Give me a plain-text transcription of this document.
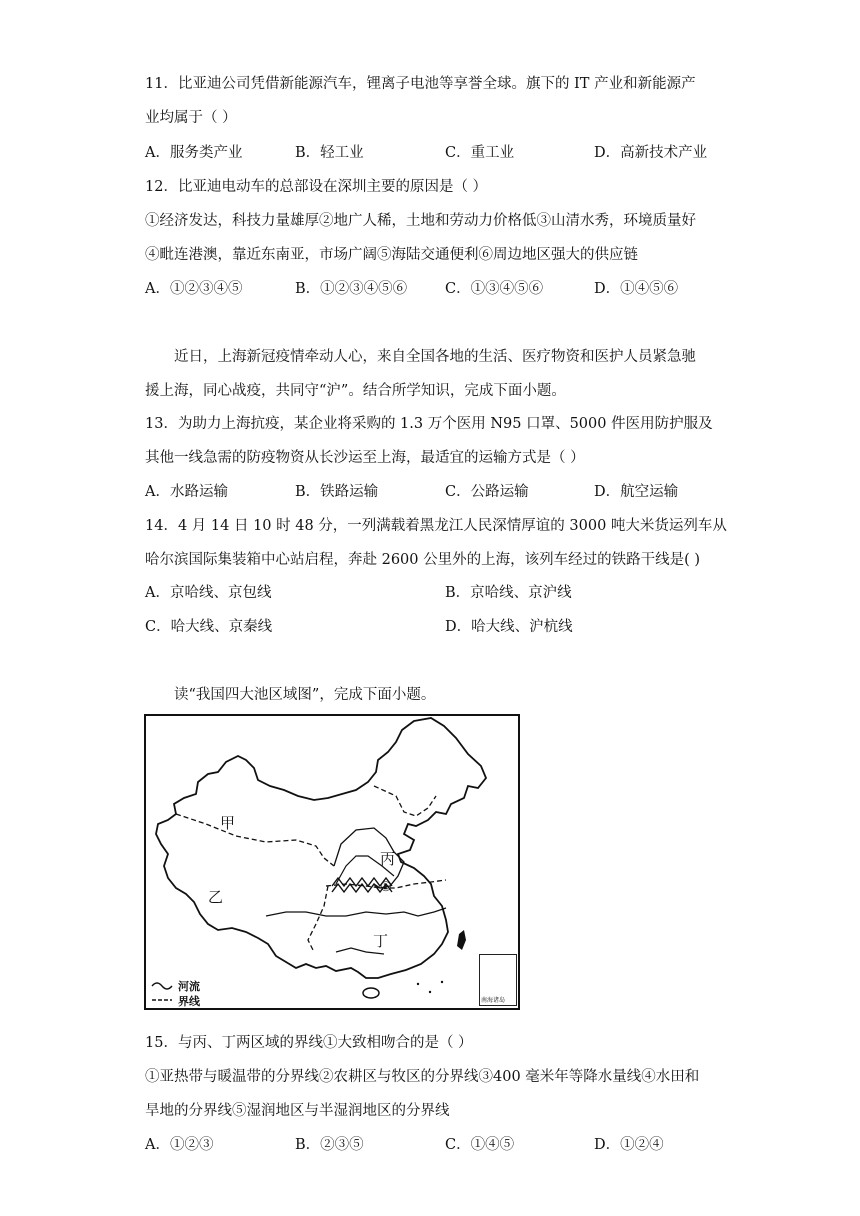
11．比亚迪公司凭借新能源汽车，锂离子电池等享誉全球。旗下的 IT 产业和新能源产
业均属于（ ）
A．服务类产业	B．轻工业	C．重工业	D．高新技术产业
12．比亚迪电动车的总部设在深圳主要的原因是（ ）
①经济发达，科技力量雄厚②地广人稀，土地和劳动力价格低③山清水秀，环境质量好
④毗连港澳，靠近东南亚，市场广阔⑤海陆交通便利⑥周边地区强大的供应链
A．①②③④⑤	B．①②③④⑤⑥	C．①③④⑤⑥	D．①④⑤⑥
近日，上海新冠疫情牵动人心，来自全国各地的生活、医疗物资和医护人员紧急驰
援上海，同心战疫，共同守“沪”。结合所学知识，完成下面小题。
13．为助力上海抗疫，某企业将采购的 1.3 万个医用 N95 口罩、5000 件医用防护服及
其他一线急需的防疫物资从长沙运至上海，最适宜的运输方式是（ ）
A．水路运输	B．铁路运输	C．公路运输	D．航空运输
14．4 月 14 日 10 时 48 分，一列满载着黑龙江人民深情厚谊的 3000 吨大米货运列车从
哈尔滨国际集装箱中心站启程，奔赴 2600 公里外的上海，该列车经过的铁路干线是( )
A．京哈线、京包线	B．京哈线、京沪线
C．哈大线、京秦线	D．哈大线、沪杭线
读“我国四大池区域图”，完成下面小题。
甲
乙
丙
丁
①
河流
界线	南海诸岛
15．与丙、丁两区域的界线①大致相吻合的是（ ）
①亚热带与暖温带的分界线②农耕区与牧区的分界线③400 毫米年等降水量线④水田和
旱地的分界线⑤湿润地区与半湿润地区的分界线
A．①②③	B．②③⑤	C．①④⑤	D．①②④
